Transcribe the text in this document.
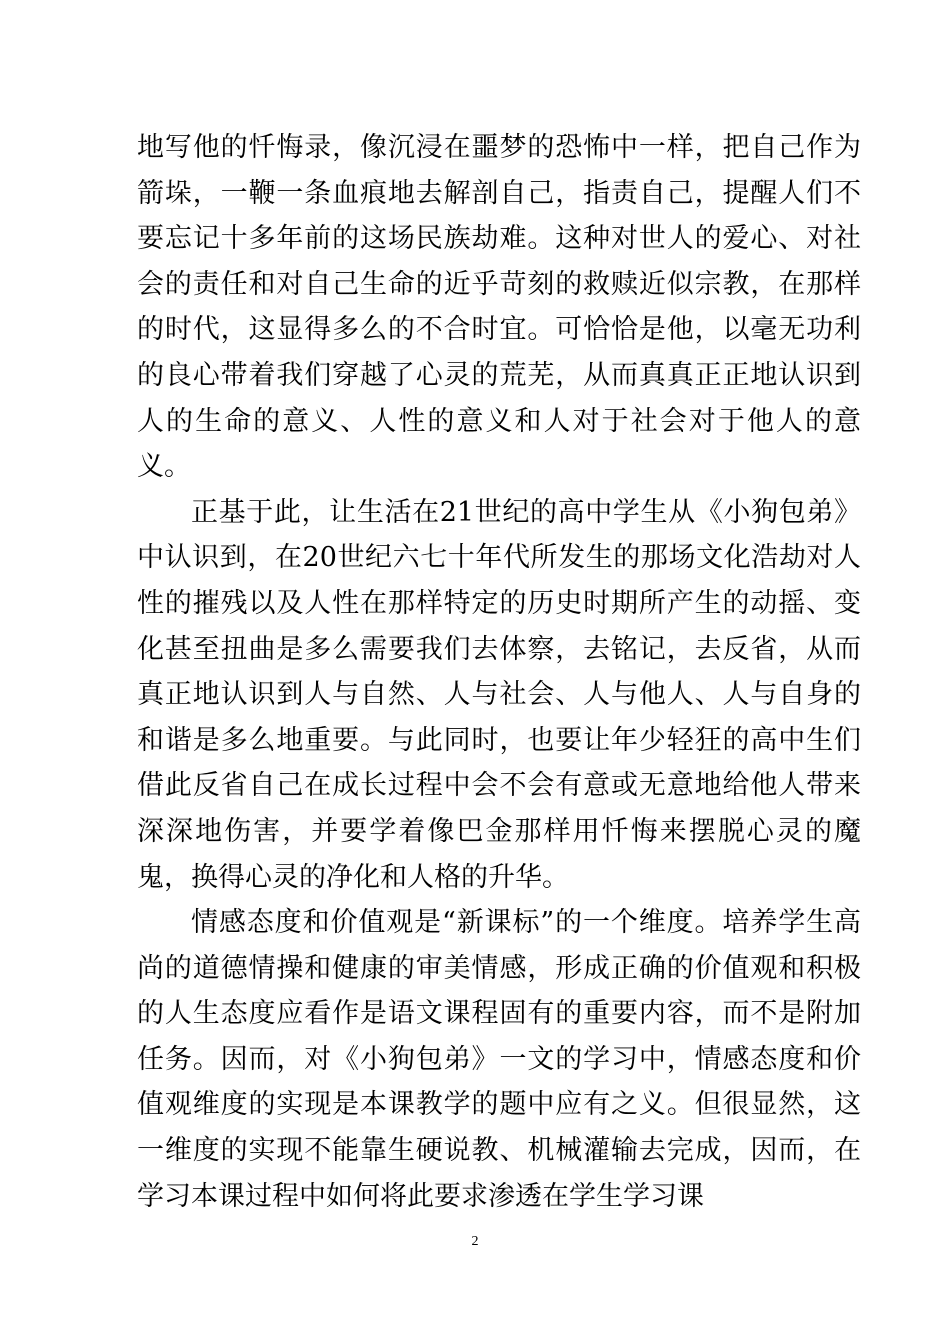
地写他的忏悔录，像沉浸在噩梦的恐怖中一样，把自己作为箭垛，一鞭一条血痕地去解剖自己，指责自己，提醒人们不要忘记十多年前的这场民族劫难。这种对世人的爱心、对社会的责任和对自己生命的近乎苛刻的救赎近似宗教，在那样的时代，这显得多么的不合时宜。可恰恰是他，以毫无功利的良心带着我们穿越了心灵的荒芜，从而真真正正地认识到人的生命的意义、人性的意义和人对于社会对于他人的意义。

正基于此，让生活在21世纪的高中学生从《小狗包弟》中认识到，在20世纪六七十年代所发生的那场文化浩劫对人性的摧残以及人性在那样特定的历史时期所产生的动摇、变化甚至扭曲是多么需要我们去体察，去铭记，去反省，从而真正地认识到人与自然、人与社会、人与他人、人与自身的和谐是多么地重要。与此同时，也要让年少轻狂的高中生们借此反省自己在成长过程中会不会有意或无意地给他人带来深深地伤害，并要学着像巴金那样用忏悔来摆脱心灵的魔鬼，换得心灵的净化和人格的升华。

情感态度和价值观是“新课标”的一个维度。培养学生高尚的道德情操和健康的审美情感，形成正确的价值观和积极的人生态度应看作是语文课程固有的重要内容，而不是附加任务。因而，对《小狗包弟》一文的学习中，情感态度和价值观维度的实现是本课教学的题中应有之义。但很显然，这一维度的实现不能靠生硬说教、机械灌输去完成，因而，在学习本课过程中如何将此要求渗透在学生学习课

2
